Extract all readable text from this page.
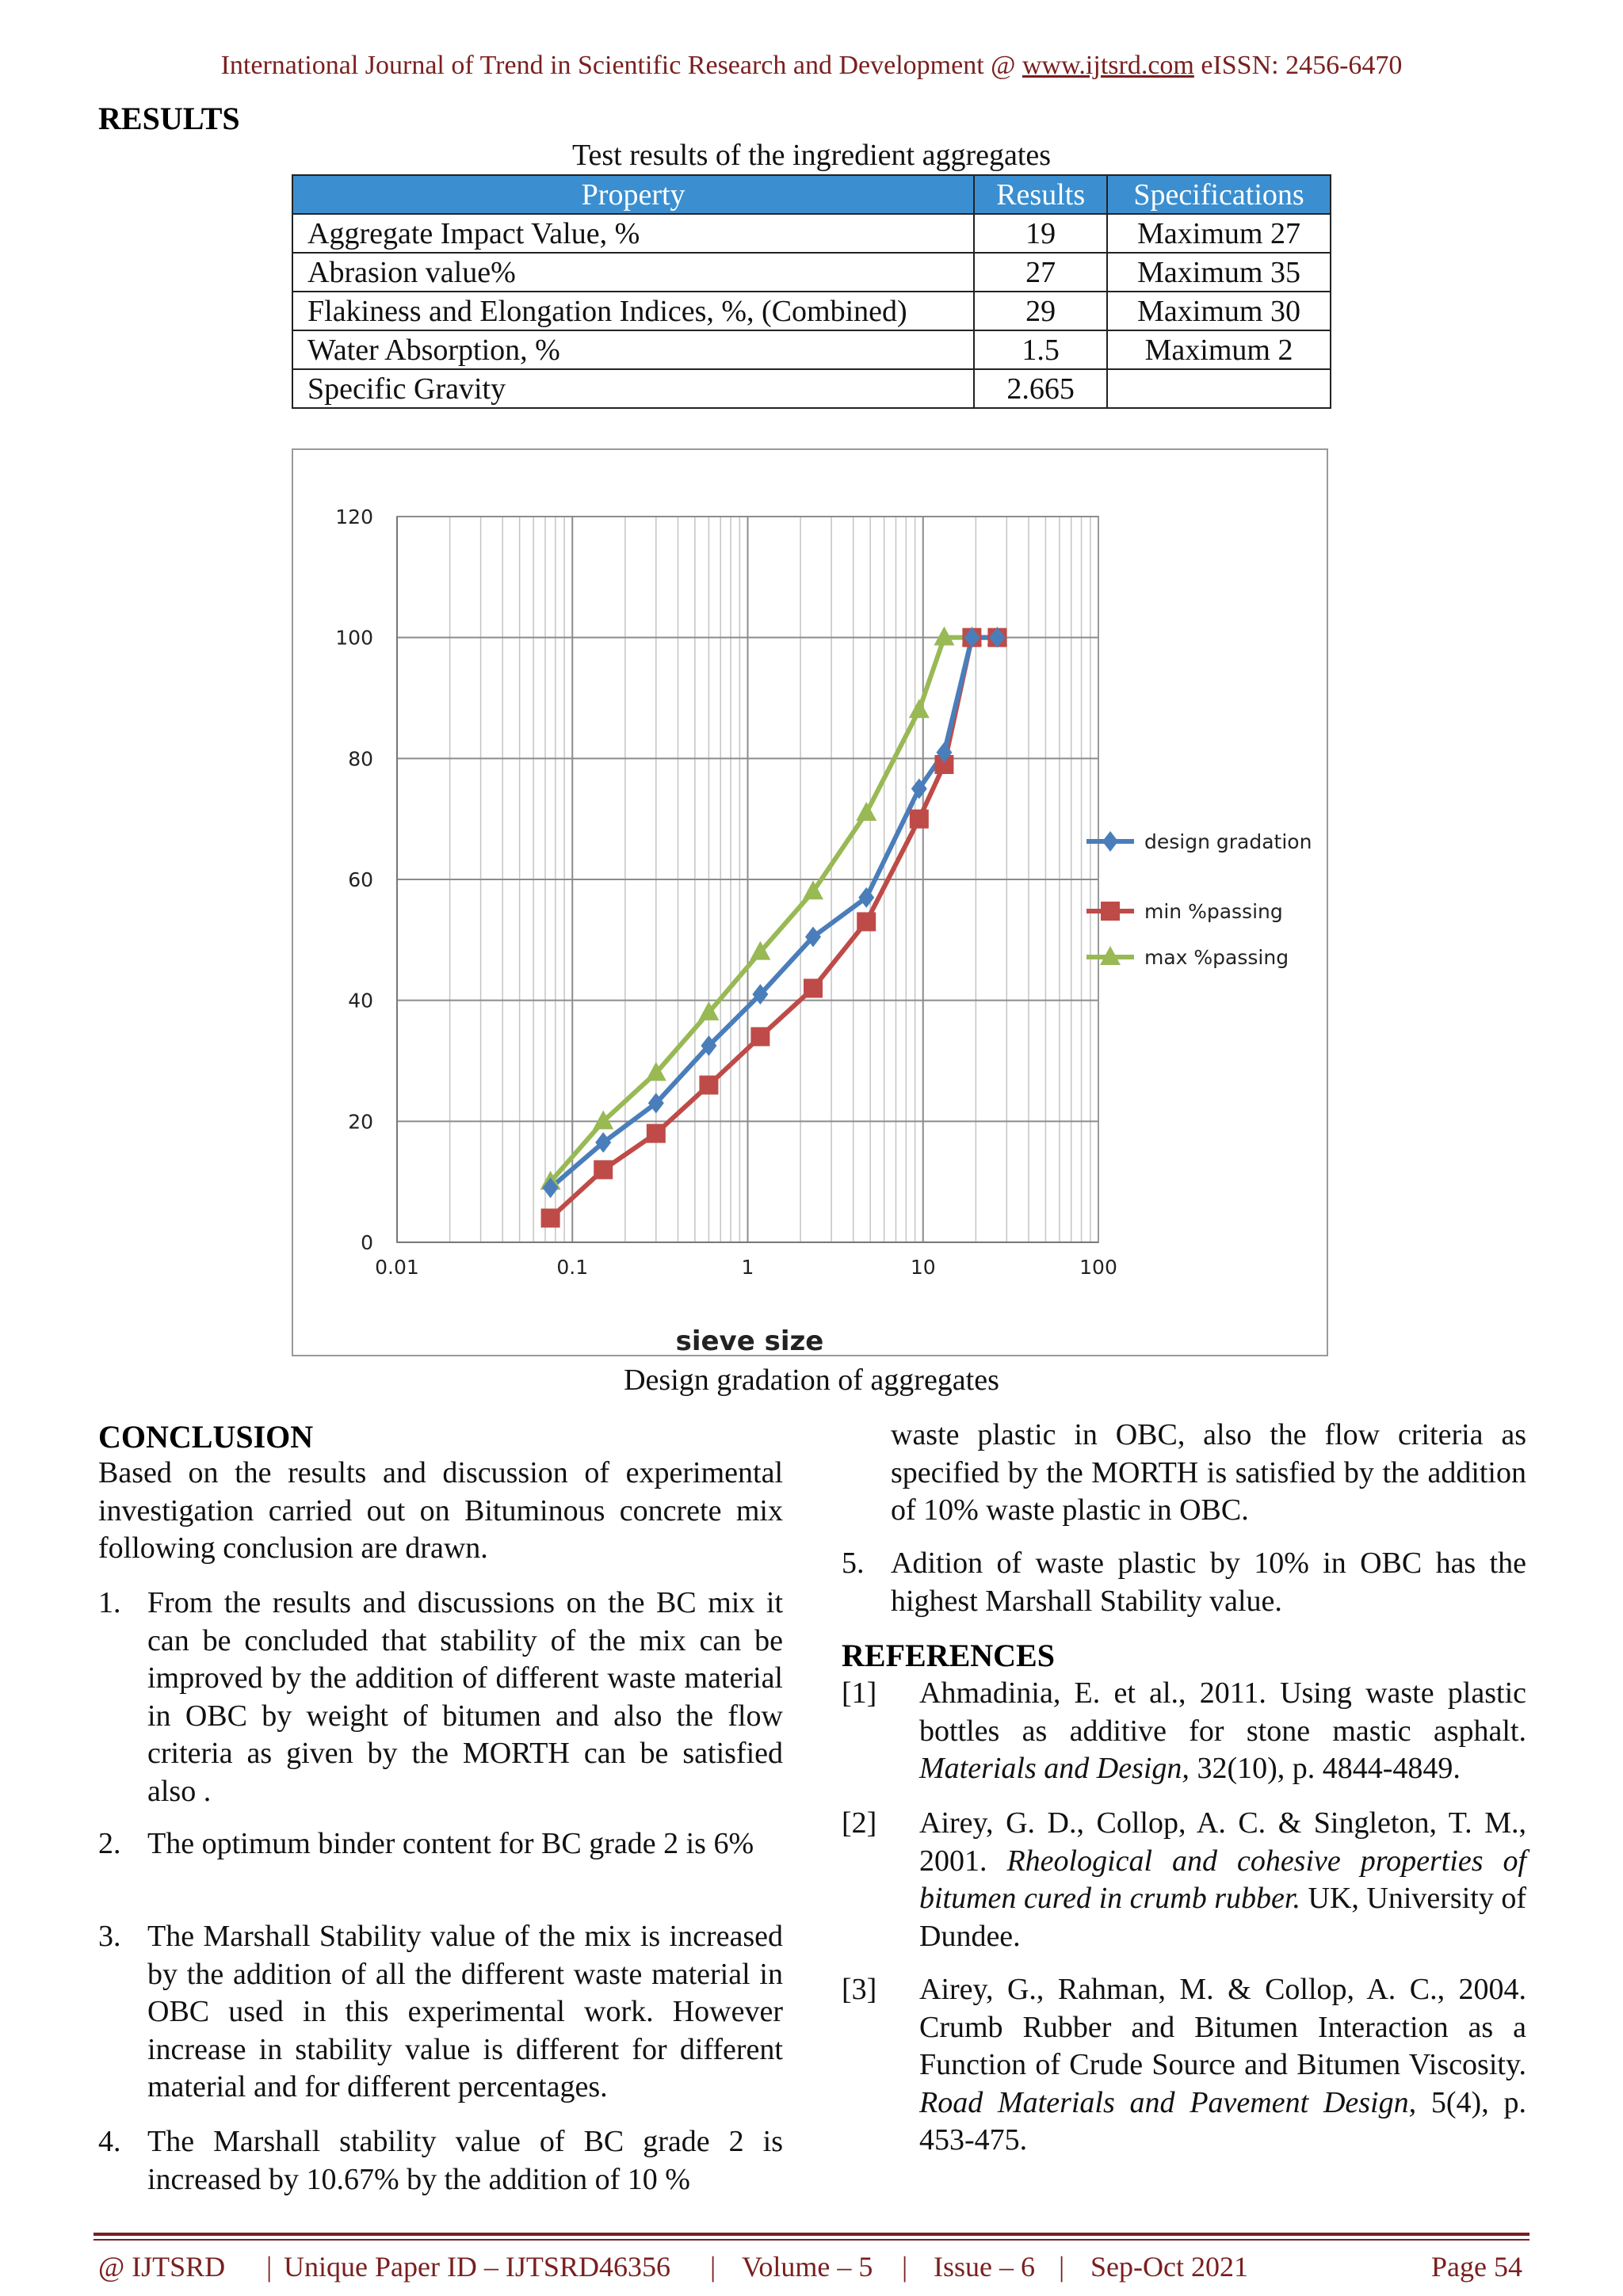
International Journal of Trend in Scientific Research and Development @ www.ijtsrd.com eISSN: 2456-6470
RESULTS
Test results of the ingredient aggregates
Property	Results	Specifications
Aggregate Impact Value, %	19	Maximum 27
Abrasion value%	27	Maximum 35
Flakiness and Elongation Indices, %, (Combined)	29	Maximum 30
Water Absorption, %	1.5	Maximum 2
Specific Gravity	2.665	
0.01	0.1	1	10	100
0
20
40
60
80
100
120
design gradation
min %passing
max %passing
sieve size
Design gradation of aggregates
CONCLUSION
Based on the results and discussion of experimental investigation carried out on Bituminous concrete mix following conclusion are drawn.
1. From the results and discussions on the BC mix it can be concluded that stability of the mix can be improved by the addition of different waste material in OBC by weight of bitumen and also the flow criteria as given by the MORTH can be satisfied also .
2. The optimum binder content for BC grade 2 is 6%
3. The Marshall Stability value of the mix is increased by the addition of all the different waste material in OBC used in this experimental work. However increase in stability value is different for different material and for different percentages.
4. The Marshall stability value of BC grade 2 is increased by 10.67% by the addition of 10 %
waste plastic in OBC, also the flow criteria as specified by the MORTH is satisfied by the addition of 10% waste plastic in OBC.
5. Adition of waste plastic by 10% in OBC has the highest Marshall Stability value.
REFERENCES
[1] Ahmadinia, E. et al., 2011. Using waste plastic bottles as additive for stone mastic asphalt. Materials and Design, 32(10), p. 4844-4849.
[2] Airey, G. D., Collop, A. C. & Singleton, T. M., 2001. Rheological and cohesive properties of bitumen cured in crumb rubber. UK, University of Dundee.
[3] Airey, G., Rahman, M. & Collop, A. C., 2004. Crumb Rubber and Bitumen Interaction as a Function of Crude Source and Bitumen Viscosity. Road Materials and Pavement Design, 5(4), p. 453-475.
@ IJTSRD | Unique Paper ID – IJTSRD46356 | Volume – 5 | Issue – 6 | Sep-Oct 2021	Page 54
